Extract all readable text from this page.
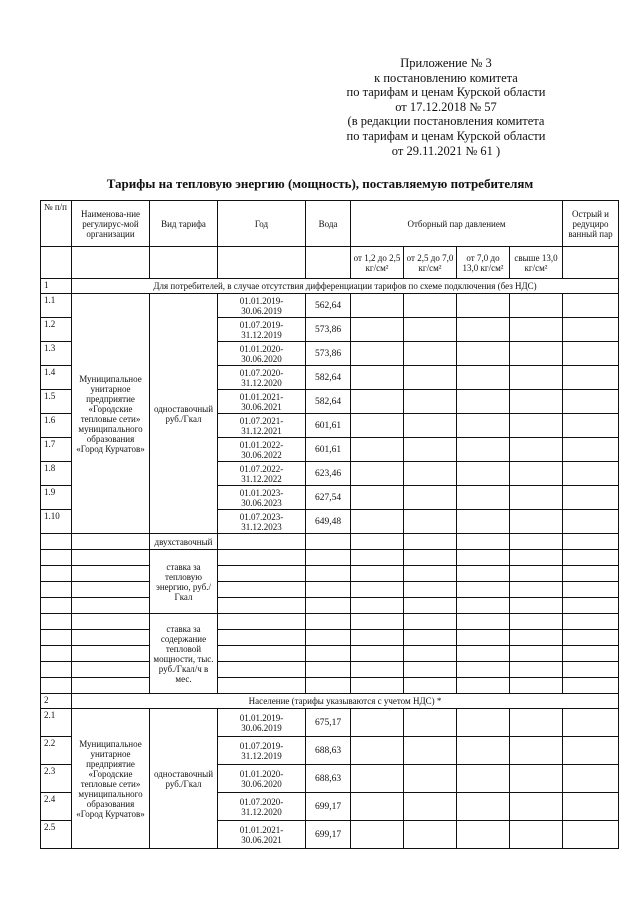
Приложение № 3
к постановлению комитета
по тарифам и ценам Курской области
от 17.12.2018 № 57
(в редакции постановления комитета
по тарифам и ценам Курской области
от 29.11.2021 № 61 )
Тарифы на тепловую энергию (мощность), поставляемую потребителям
№ п/п	Наименова-ние регулирус-мой организации	Вид тарифа	Год	Вода	Отборный пар давлением				Острый и редуциро ванный пар
					от 1,2 до 2,5 кг/см²	от 2,5 до 7,0 кг/см²	от 7,0 до 13,0 кг/см²	свыше 13,0 кг/см²	
1	Для потребителей, в случае отсутствия дифференциации тарифов по схеме подключения (без НДС)								
1.1	Муниципальное унитарное предприятие «Городские тепловые сети» муниципального образования «Город Курчатов»	одноставочный руб./Гкал	01.01.2019-30.06.2019	562,64					
1.2			01.07.2019-31.12.2019	573,86					
1.3			01.01.2020-30.06.2020	573,86					
1.4			01.07.2020-31.12.2020	582,64					
1.5			01.01.2021-30.06.2021	582,64					
1.6			01.07.2021-31.12.2021	601,61					
1.7			01.01.2022-30.06.2022	601,61					
1.8			01.07.2022-31.12.2022	623,46					
1.9			01.01.2023-30.06.2023	627,54					
1.10			01.07.2023-31.12.2023	649,48					
		двухставочный							
		ставка за тепловую энергию, руб./Гкал							

		ставка за содержание тепловой мощности, тыс. руб./Гкал/ч в мес.							

2	Население (тарифы указываются с учетом НДС) *								
2.1	Муниципальное унитарное предприятие «Городские тепловые сети» муниципального образования «Город Курчатов»	одноставочный руб./Гкал	01.01.2019-30.06.2019	675,17					
2.2			01.07.2019-31.12.2019	688,63					
2.3			01.01.2020-30.06.2020	688,63					
2.4			01.07.2020-31.12.2020	699,17					
2.5			01.01.2021-30.06.2021	699,17					
